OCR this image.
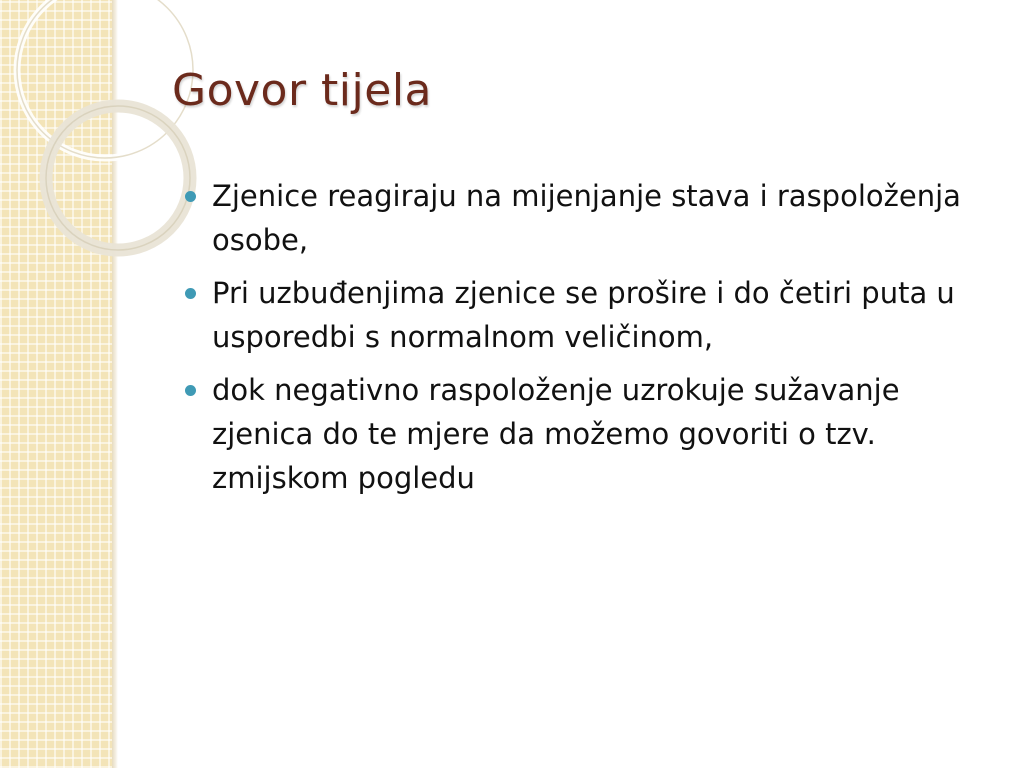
Govor tijela
Zjenice reagiraju na mijenjanje stava i raspoloženja osobe,
Pri uzbuđenjima zjenice se prošire i do četiri puta u usporedbi s normalnom veličinom,
dok negativno raspoloženje uzrokuje sužavanje zjenica do te mjere da možemo govoriti o tzv. zmijskom pogledu
